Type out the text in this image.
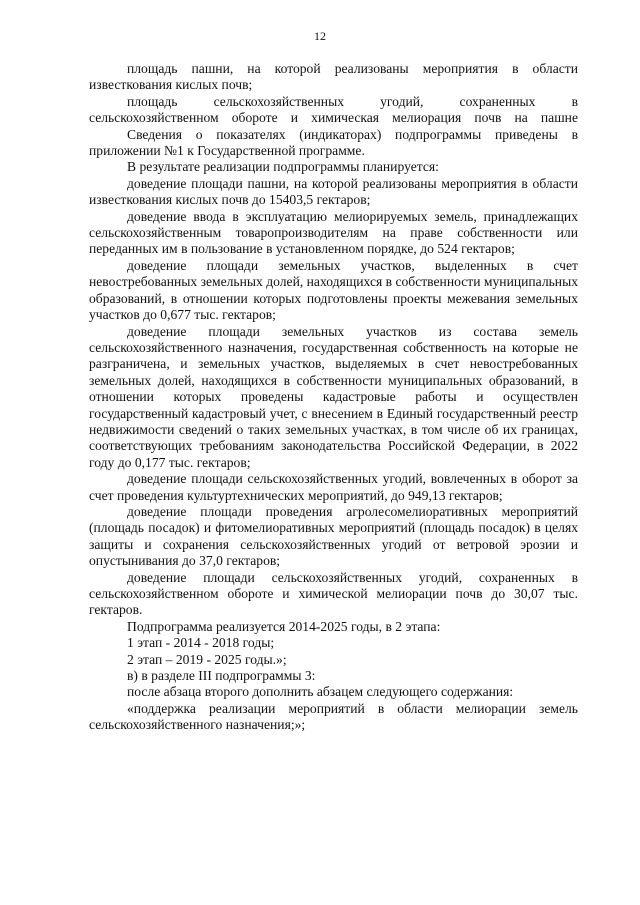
12

площадь пашни, на которой реализованы мероприятия в области известкования кислых почв;

площадь сельскохозяйственных угодий, сохраненных в сельскохозяйственном обороте и химическая мелиорация почв на пашне

Сведения о показателях (индикаторах) подпрограммы приведены в приложении №1 к Государственной программе.

В результате реализации подпрограммы планируется:

доведение площади пашни, на которой реализованы мероприятия в области известкования кислых почв до 15403,5 гектаров;

доведение ввода в эксплуатацию мелиорируемых земель, принадлежащих сельскохозяйственным товаропроизводителям на праве собственности или переданных им в пользование в установленном порядке, до 524 гектаров;

доведение площади земельных участков, выделенных в счет невостребованных земельных долей, находящихся в собственности муниципальных образований, в отношении которых подготовлены проекты межевания земельных участков до 0,677 тыс. гектаров;

доведение площади земельных участков из состава земель сельскохозяйственного назначения, государственная собственность на которые не разграничена, и земельных участков, выделяемых в счет невостребованных земельных долей, находящихся в собственности муниципальных образований, в отношении которых проведены кадастровые работы и осуществлен государственный кадастровый учет, с внесением в Единый государственный реестр недвижимости сведений о таких земельных участках, в том числе об их границах, соответствующих требованиям законодательства Российской Федерации, в 2022 году до 0,177 тыс. гектаров;

доведение площади сельскохозяйственных угодий, вовлеченных в оборот за счет проведения культуртехнических мероприятий, до 949,13 гектаров;

доведение площади проведения агролесомелиоративных мероприятий (площадь посадок) и фитомелиоративных мероприятий (площадь посадок) в целях защиты и сохранения сельскохозяйственных угодий от ветровой эрозии и опустынивания до 37,0 гектаров;

доведение площади сельскохозяйственных угодий, сохраненных в сельскохозяйственном обороте и химической мелиорации почв до 30,07 тыс. гектаров.

Подпрограмма реализуется 2014-2025 годы, в 2 этапа:

1 этап - 2014 - 2018 годы;

2 этап – 2019 - 2025 годы.»;

в) в разделе III подпрограммы 3:

после абзаца второго дополнить абзацем следующего содержания:

«поддержка реализации мероприятий в области мелиорации земель сельскохозяйственного назначения;»;
